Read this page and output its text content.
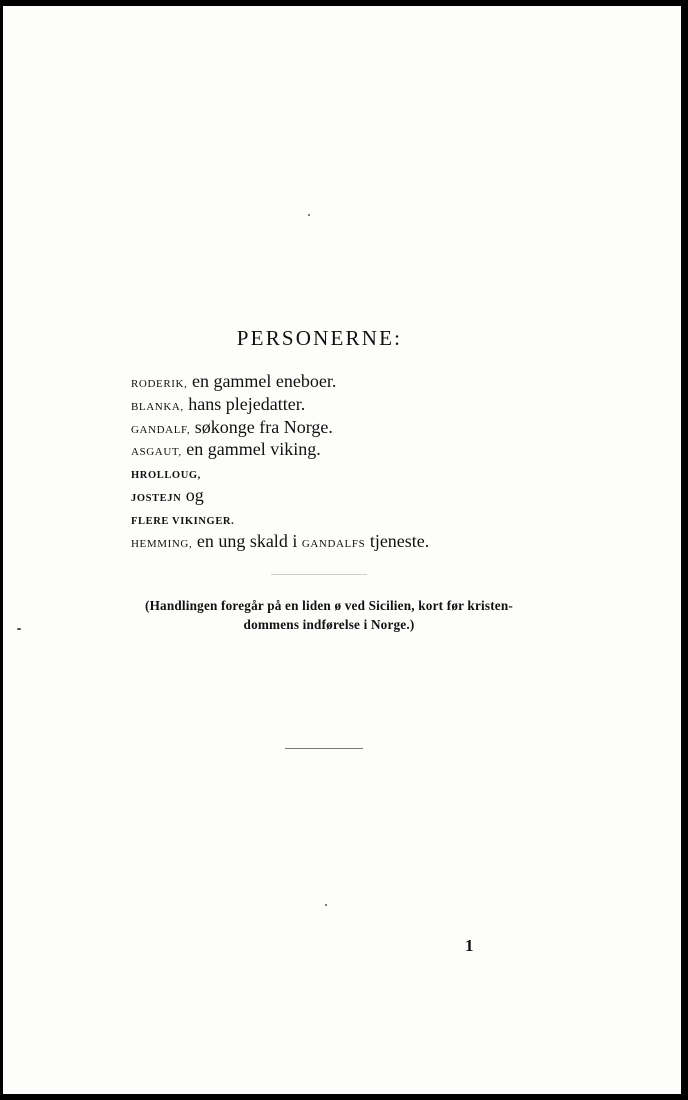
PERSONERNE:
RODERIK, en gammel eneboer.
BLANKA, hans plejedatter.
GANDALF, søkonge fra Norge.
ASGAUT, en gammel viking.
HROLLOUG,
JOSTEJN og
FLERE VIKINGER.
HEMMING, en ung skald i GANDALFS tjeneste.
(Handlingen foregår på en liden ø ved Sicilien, kort før kristen-
dommens indførelse i Norge.)
1
